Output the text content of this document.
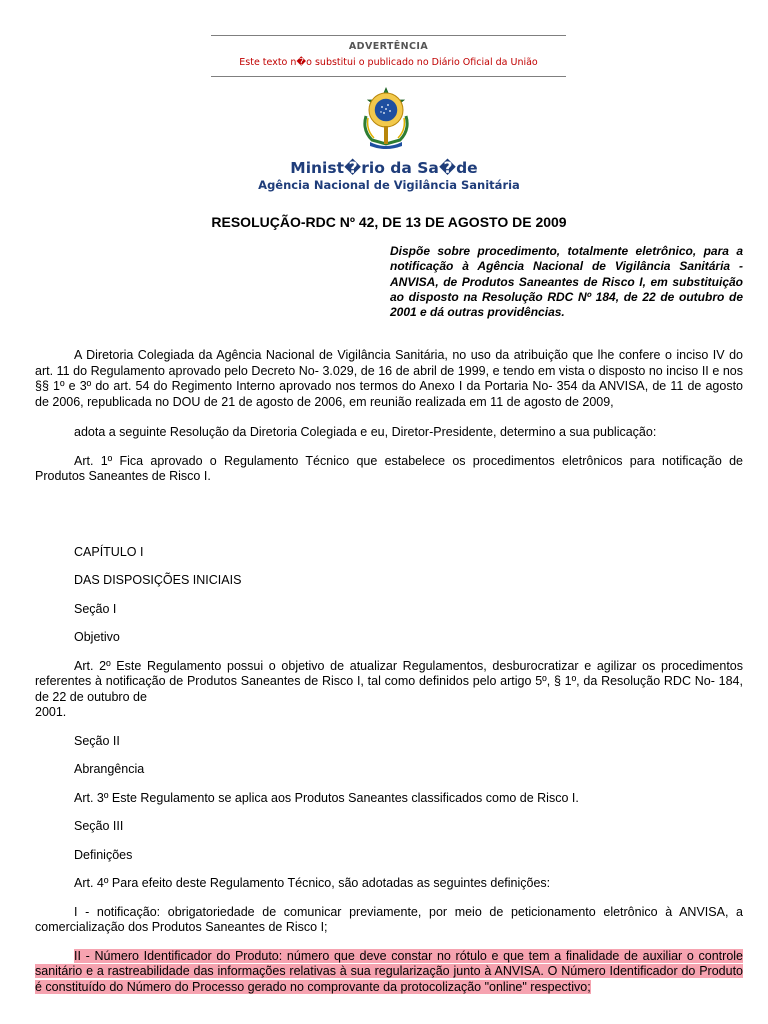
ADVERTÊNCIA
Este texto n�o substitui o publicado no Diário Oficial da União
Minist�rio da Sa�de
Agência Nacional de Vigilância Sanitária
RESOLUÇÃO-RDC Nº 42, DE 13 DE AGOSTO DE 2009
Dispõe sobre procedimento, totalmente eletrônico, para a notificação à Agência Nacional de Vigilância Sanitária - ANVISA, de Produtos Saneantes de Risco I, em substituição ao disposto na Resolução RDC Nº 184, de 22 de outubro de 2001 e dá outras providências.

A Diretoria Colegiada da Agência Nacional de Vigilância Sanitária, no uso da atribuição que lhe confere o inciso IV do art. 11 do Regulamento aprovado pelo Decreto No- 3.029, de 16 de abril de 1999, e tendo em vista o disposto no inciso II e nos §§ 1º e 3º do art. 54 do Regimento Interno aprovado nos termos do Anexo I da Portaria No- 354 da ANVISA, de 11 de agosto de 2006, republicada no DOU de 21 de agosto de 2006, em reunião realizada em 11 de agosto de 2009,

adota a seguinte Resolução da Diretoria Colegiada e eu, Diretor-Presidente, determino a sua publicação:

Art. 1º Fica aprovado o Regulamento Técnico que estabelece os procedimentos eletrônicos para notificação de Produtos Saneantes de Risco I.

CAPÍTULO I

DAS DISPOSIÇÕES INICIAIS

Seção I

Objetivo

Art. 2º Este Regulamento possui o objetivo de atualizar Regulamentos, desburocratizar e agilizar os procedimentos referentes à notificação de Produtos Saneantes de Risco I, tal como definidos pelo artigo 5º, § 1º, da Resolução RDC No- 184, de 22 de outubro de
2001.

Seção II

Abrangência

Art. 3º Este Regulamento se aplica aos Produtos Saneantes classificados como de Risco I.

Seção III

Definições

Art. 4º Para efeito deste Regulamento Técnico, são adotadas as seguintes definições:

I - notificação: obrigatoriedade de comunicar previamente, por meio de peticionamento eletrônico à ANVISA, a comercialização dos Produtos Saneantes de Risco I;

II - Número Identificador do Produto: número que deve constar no rótulo e que tem a finalidade de auxiliar o controle sanitário e a rastreabilidade das informações relativas à sua regularização junto à ANVISA. O Número Identificador do Produto é constituído do Número do Processo gerado no comprovante da protocolização "online" respectivo;
